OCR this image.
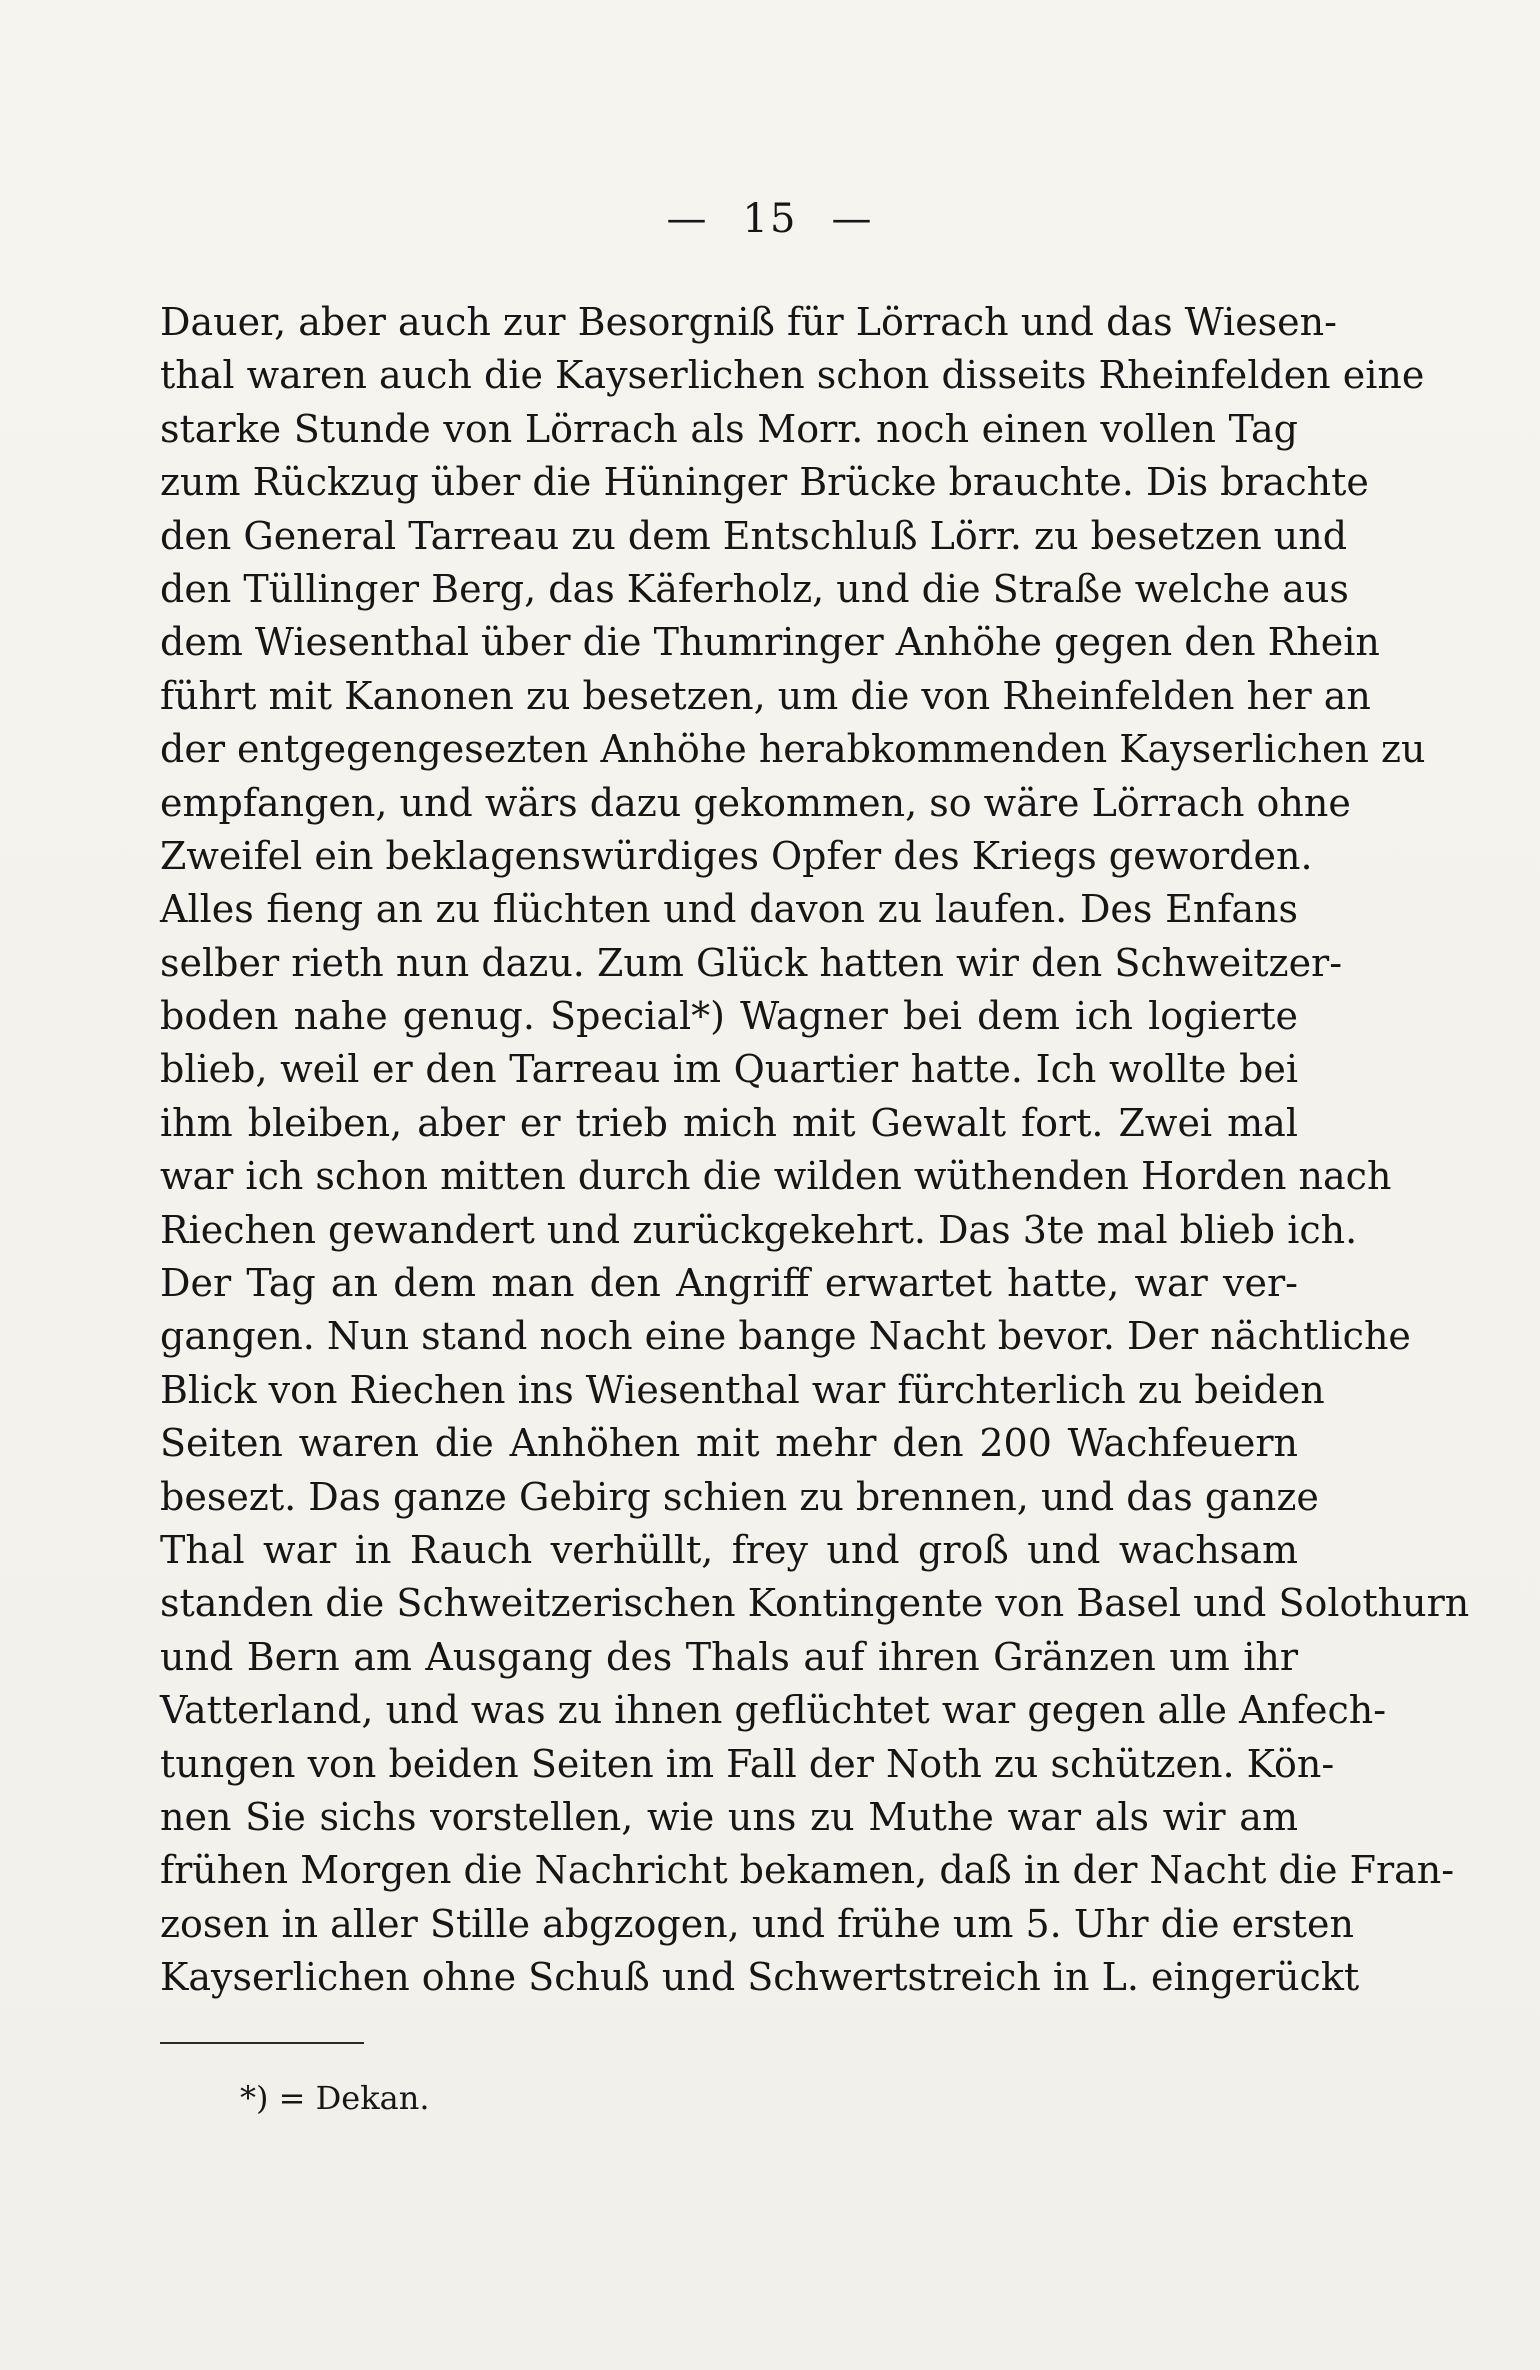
— 15 —
Dauer, aber auch zur Besorgniß für Lörrach und das Wiesen-
thal waren auch die Kayserlichen schon disseits Rheinfelden eine
starke Stunde von Lörrach als Morr. noch einen vollen Tag
zum Rückzug über die Hüninger Brücke brauchte. Dis brachte
den General Tarreau zu dem Entschluß Lörr. zu besetzen und
den Tüllinger Berg, das Käferholz, und die Straße welche aus
dem Wiesenthal über die Thumringer Anhöhe gegen den Rhein
führt mit Kanonen zu besetzen, um die von Rheinfelden her an
der entgegengesezten Anhöhe herabkommenden Kayserlichen zu
empfangen, und wärs dazu gekommen, so wäre Lörrach ohne
Zweifel ein beklagenswürdiges Opfer des Kriegs geworden.
Alles fieng an zu flüchten und davon zu laufen. Des Enfans
selber rieth nun dazu. Zum Glück hatten wir den Schweitzer-
boden nahe genug. Special*) Wagner bei dem ich logierte
blieb, weil er den Tarreau im Quartier hatte. Ich wollte bei
ihm bleiben, aber er trieb mich mit Gewalt fort. Zwei mal
war ich schon mitten durch die wilden wüthenden Horden nach
Riechen gewandert und zurückgekehrt. Das 3te mal blieb ich.
Der Tag an dem man den Angriff erwartet hatte, war ver-
gangen. Nun stand noch eine bange Nacht bevor. Der nächtliche
Blick von Riechen ins Wiesenthal war fürchterlich zu beiden
Seiten waren die Anhöhen mit mehr den 200 Wachfeuern
besezt. Das ganze Gebirg schien zu brennen, und das ganze
Thal war in Rauch verhüllt, frey und groß und wachsam
standen die Schweitzerischen Kontingente von Basel und Solothurn
und Bern am Ausgang des Thals auf ihren Gränzen um ihr
Vatterland, und was zu ihnen geflüchtet war gegen alle Anfech-
tungen von beiden Seiten im Fall der Noth zu schützen. Kön-
nen Sie sichs vorstellen, wie uns zu Muthe war als wir am
frühen Morgen die Nachricht bekamen, daß in der Nacht die Fran-
zosen in aller Stille abgzogen, und frühe um 5. Uhr die ersten
Kayserlichen ohne Schuß und Schwertstreich in L. eingerückt
*) = Dekan.
